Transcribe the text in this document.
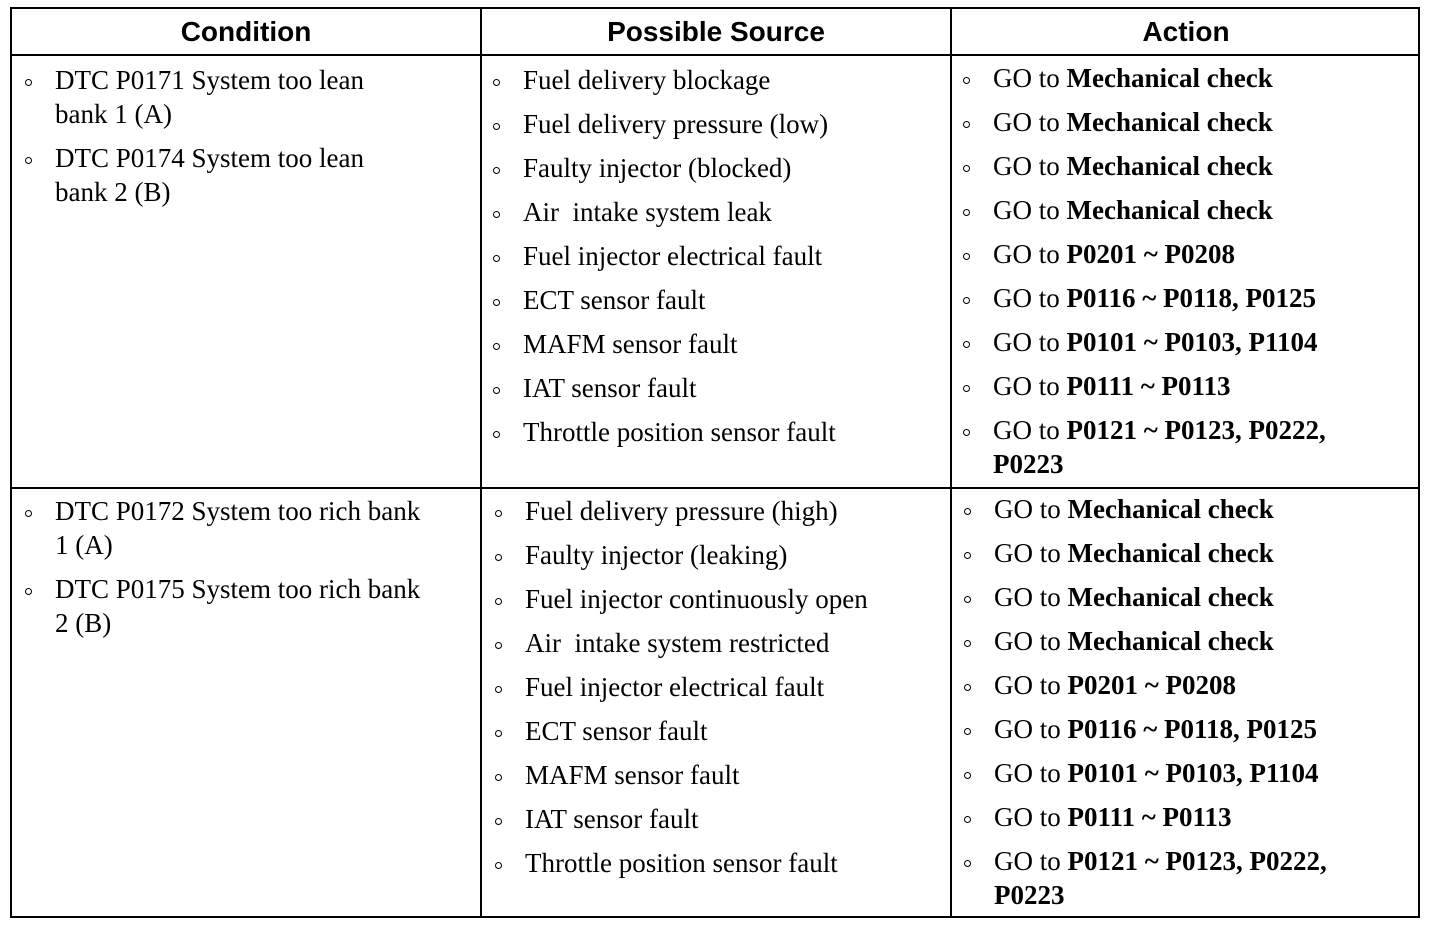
Condition	Possible Source	Action
DTC P0171 System too lean
bank 1 (A)
DTC P0174 System too lean
bank 2 (B)
Fuel delivery blockage
Fuel delivery pressure (low)
Faulty injector (blocked)
Air  intake system leak
Fuel injector electrical fault
ECT sensor fault
MAFM sensor fault
IAT sensor fault
Throttle position sensor fault
GO to Mechanical check
GO to Mechanical check
GO to Mechanical check
GO to Mechanical check
GO to P0201 ~ P0208
GO to P0116 ~ P0118, P0125
GO to P0101 ~ P0103, P1104
GO to P0111 ~ P0113
GO to P0121 ~ P0123, P0222,
P0223
DTC P0172 System too rich bank
1 (A)
DTC P0175 System too rich bank
2 (B)
Fuel delivery pressure (high)
Faulty injector (leaking)
Fuel injector continuously open
Air  intake system restricted
Fuel injector electrical fault
ECT sensor fault
MAFM sensor fault
IAT sensor fault
Throttle position sensor fault
GO to Mechanical check
GO to Mechanical check
GO to Mechanical check
GO to Mechanical check
GO to P0201 ~ P0208
GO to P0116 ~ P0118, P0125
GO to P0101 ~ P0103, P1104
GO to P0111 ~ P0113
GO to P0121 ~ P0123, P0222,
P0223
